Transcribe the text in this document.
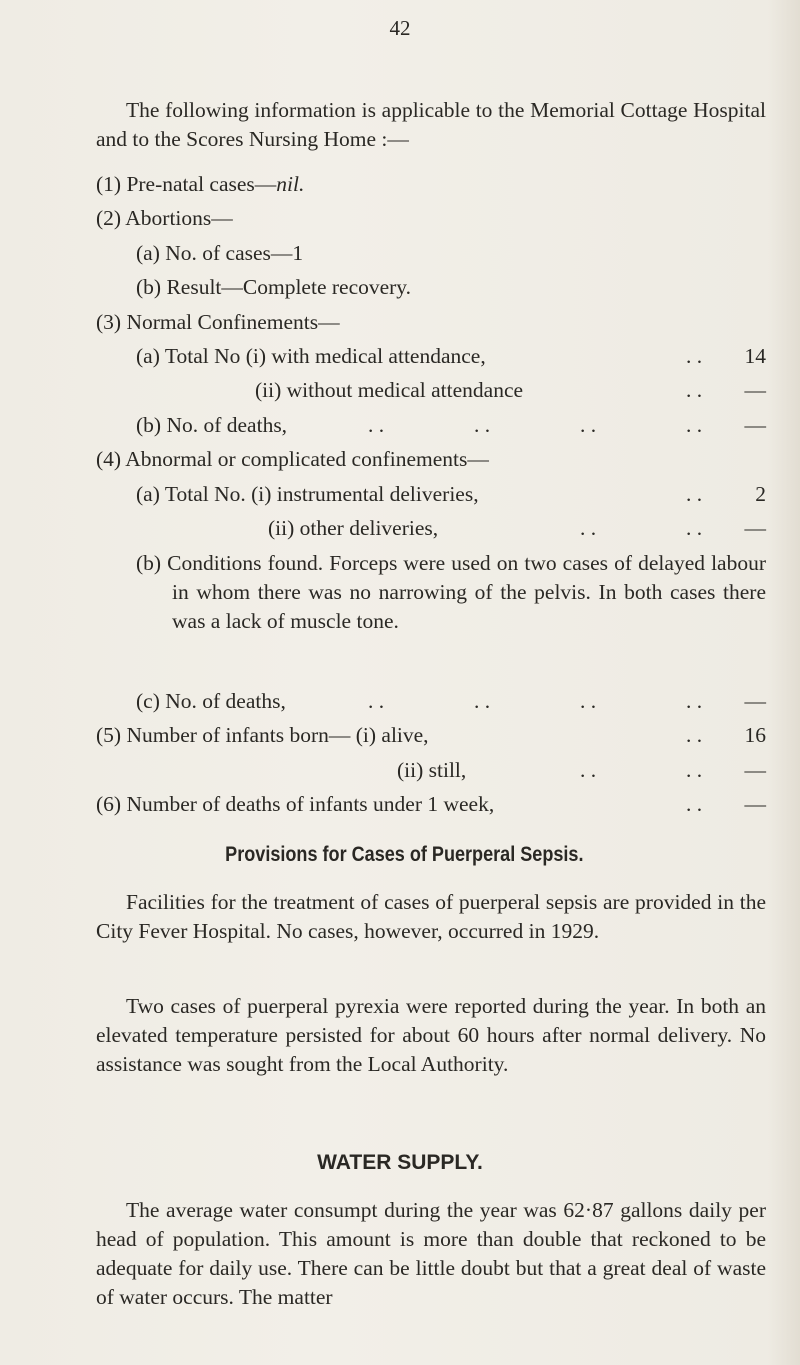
42

The following information is applicable to the Memorial Cottage Hospital and to the Scores Nursing Home :—

(1) Pre-natal cases—nil.
(2) Abortions—
(a) No. of cases—1
(b) Result—Complete recovery.
(3) Normal Confinements—
(a) Total No (i) with medical attendance,	. .	14
(ii) without medical attendance	. .	—
(b) No. of deaths,	. .	. .	. .	. .	—
(4) Abnormal or complicated confinements—
(a) Total No. (i) instrumental deliveries,	. .	2
(ii) other deliveries,	. .	. .	—

(b) Conditions found. Forceps were used on two cases of delayed labour in whom there was no narrowing of the pelvis. In both cases there was a lack of muscle tone.

(c) No. of deaths,	. .	. .	. .	. .	—
(5) Number of infants born— (i) alive,	. .	16
(ii) still,	. .	. .	—
(6) Number of deaths of infants under 1 week,	. .	—
Provisions for Cases of Puerperal Sepsis.

Facilities for the treatment of cases of puerperal sepsis are provided in the City Fever Hospital. No cases, however, occurred in 1929.

Two cases of puerperal pyrexia were reported during the year. In both an elevated temperature persisted for about 60 hours after normal delivery. No assistance was sought from the Local Authority.

WATER SUPPLY.

The average water consumpt during the year was 62·87 gallons daily per head of population. This amount is more than double that reckoned to be adequate for daily use. There can be little doubt but that a great deal of waste of water occurs. The matter
